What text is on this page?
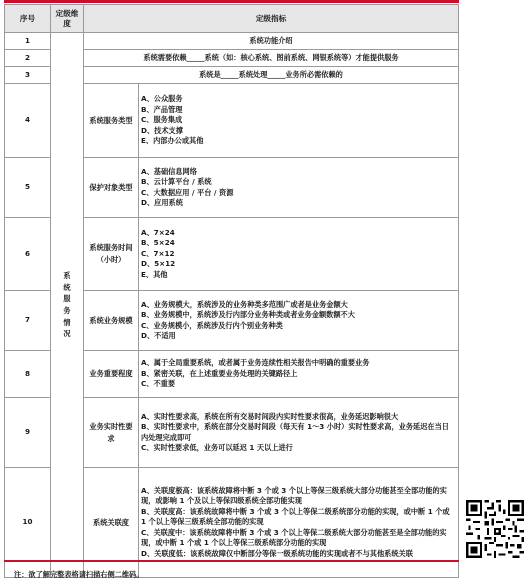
序号	定级维度	定级指标	
1	系统服务情况	系统功能介绍	
2		系统需要依赖_____系统（如：核心系统、图前系统、网银系统等）才能提供服务	
3		系统是_____系统处理_____业务所必需依赖的	
4		系统服务类型	A、公众服务
B、产品管理
C、服务集成
D、技术支撑
E、内部办公或其他

5		保护对象类型	A、基础信息网络
B、云计算平台 / 系统
C、大数据应用 / 平台 / 资源
D、应用系统

6		系统服务时间（小时）	A、7×24
B、5×24
C、7×12
D、5×12
E、其他

7		系统业务规模	A、业务规模大，系统涉及的业务种类多范围广或者是业务金额大
B、业务规模中，系统涉及行内部分业务种类或者业务金额数额不大
C、业务规模小，系统涉及行内个别业务种类
D、不适用

8		业务重要程度	A、属于全局重要系统，或者属于业务连续性相关报告中明确的重要业务
B、紧密关联，在上述重要业务处理的关键路径上
C、不重要

9		业务实时性要求	A、实时性要求高，系统在所有交易时间段内实时性要求很高，业务延迟影响很大
B、实时性要求中，系统在部分交易时间段（每天有 1～3 小时）实时性要求高，业务延迟在当日内处理完成即可
C、实时性要求低，业务可以延迟 1 天以上进行

10		系统关联度	A、关联度极高：该系统故障将中断 3 个或 3 个以上等保三级系统大部分功能甚至全部功能的实现，或影响 1 个及以上等保四级系统全部功能实现
B、关联度高：该系统故障将中断 3 个或 3 个以上等保二级系统部分功能的实现，或中断 1 个或 1 个以上等保三级系统全部功能的实现
C、关联度中：该系统故障将中断 3 个或 3 个以上等保二级系统大部分功能甚至是全部功能的实现，或中断 1 个或 1 个以上等保三级系统部分功能的实现
D、关联度低：该系统故障仅中断部分等保一级系统功能的实现或者不与其他系统关联
注：欲了解完整表格请扫描右侧二维码。
